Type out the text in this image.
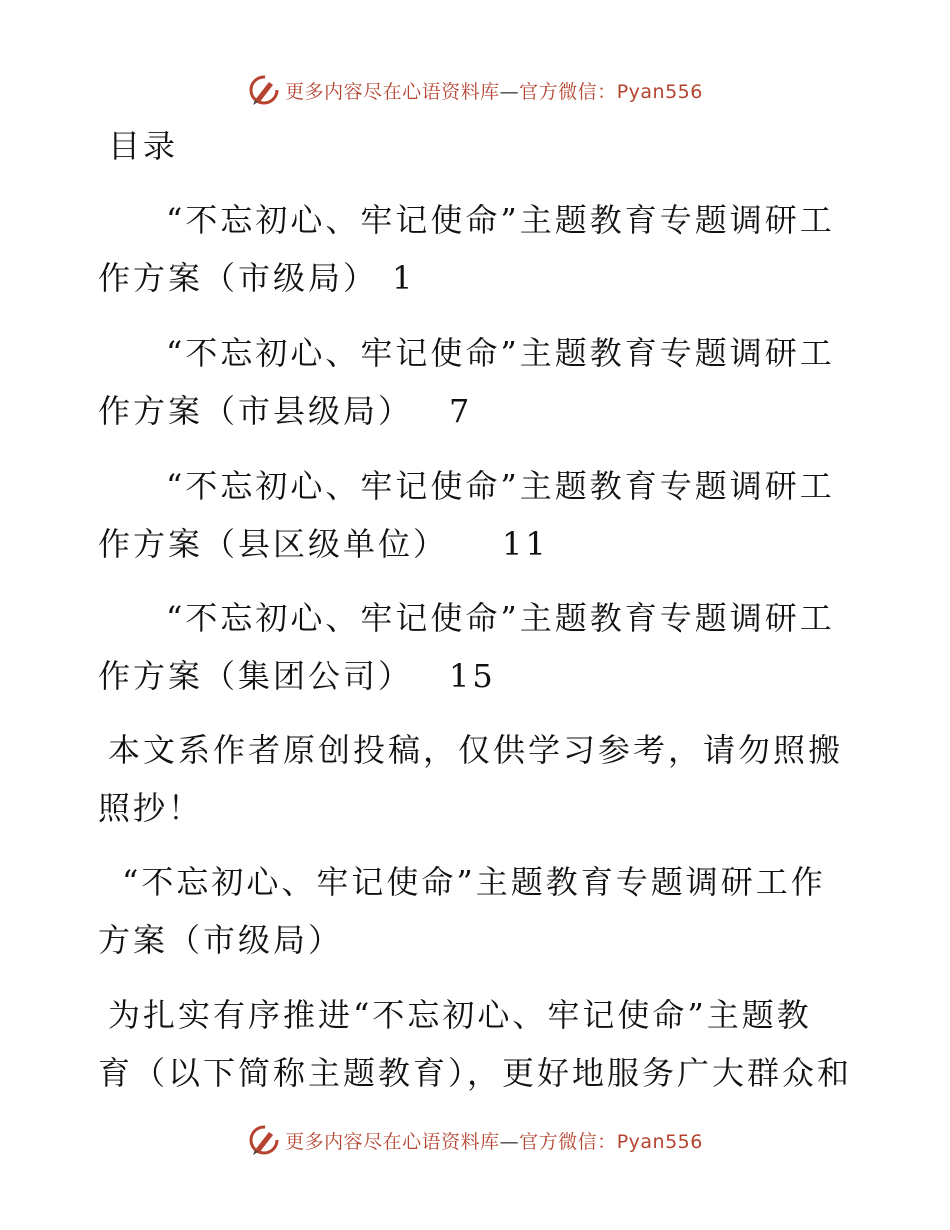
更多内容尽在心语资料库—官方微信：Pyan556
目录
“不忘初心、牢记使命”主题教育专题调研工
作方案（市级局） 1
“不忘初心、牢记使命”主题教育专题调研工
作方案（市县级局） 7
“不忘初心、牢记使命”主题教育专题调研工
作方案（县区级单位） 11
“不忘初心、牢记使命”主题教育专题调研工
作方案（集团公司） 15
本文系作者原创投稿，仅供学习参考，请勿照搬
照抄！
“不忘初心、牢记使命”主题教育专题调研工作
方案（市级局）
为扎实有序推进“不忘初心、牢记使命”主题教
育（以下简称主题教育），更好地服务广大群众和
更多内容尽在心语资料库—官方微信：Pyan556
